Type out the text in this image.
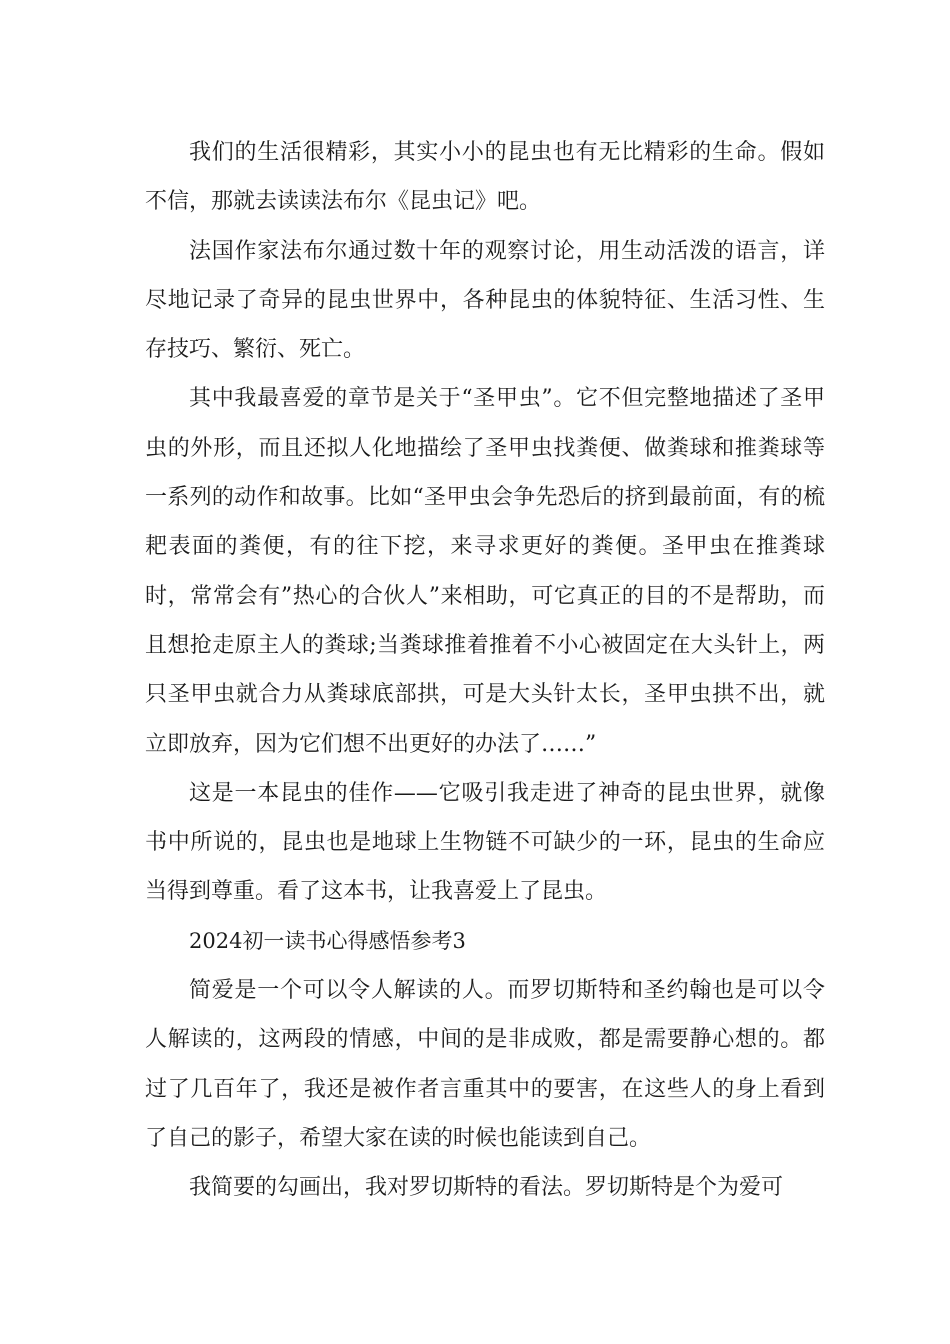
我们的生活很精彩，其实小小的昆虫也有无比精彩的生命。假如不信，那就去读读法布尔《昆虫记》吧。

法国作家法布尔通过数十年的观察讨论，用生动活泼的语言，详尽地记录了奇异的昆虫世界中，各种昆虫的体貌特征、生活习性、生存技巧、繁衍、死亡。

其中我最喜爱的章节是关于“圣甲虫”。它不但完整地描述了圣甲虫的外形，而且还拟人化地描绘了圣甲虫找粪便、做粪球和推粪球等一系列的动作和故事。比如“圣甲虫会争先恐后的挤到最前面，有的梳耙表面的粪便，有的往下挖，来寻求更好的粪便。圣甲虫在推粪球时，常常会有”热心的合伙人”来相助，可它真正的目的不是帮助，而且想抢走原主人的粪球;当粪球推着推着不小心被固定在大头针上，两只圣甲虫就合力从粪球底部拱，可是大头针太长，圣甲虫拱不出，就立即放弃，因为它们想不出更好的办法了……”

这是一本昆虫的佳作——它吸引我走进了神奇的昆虫世界，就像书中所说的，昆虫也是地球上生物链不可缺少的一环，昆虫的生命应当得到尊重。看了这本书，让我喜爱上了昆虫。

2024初一读书心得感悟参考3

简爱是一个可以令人解读的人。而罗切斯特和圣约翰也是可以令人解读的，这两段的情感，中间的是非成败，都是需要静心想的。都过了几百年了，我还是被作者言重其中的要害，在这些人的身上看到了自己的影子，希望大家在读的时候也能读到自己。

我简要的勾画出，我对罗切斯特的看法。罗切斯特是个为爱可
